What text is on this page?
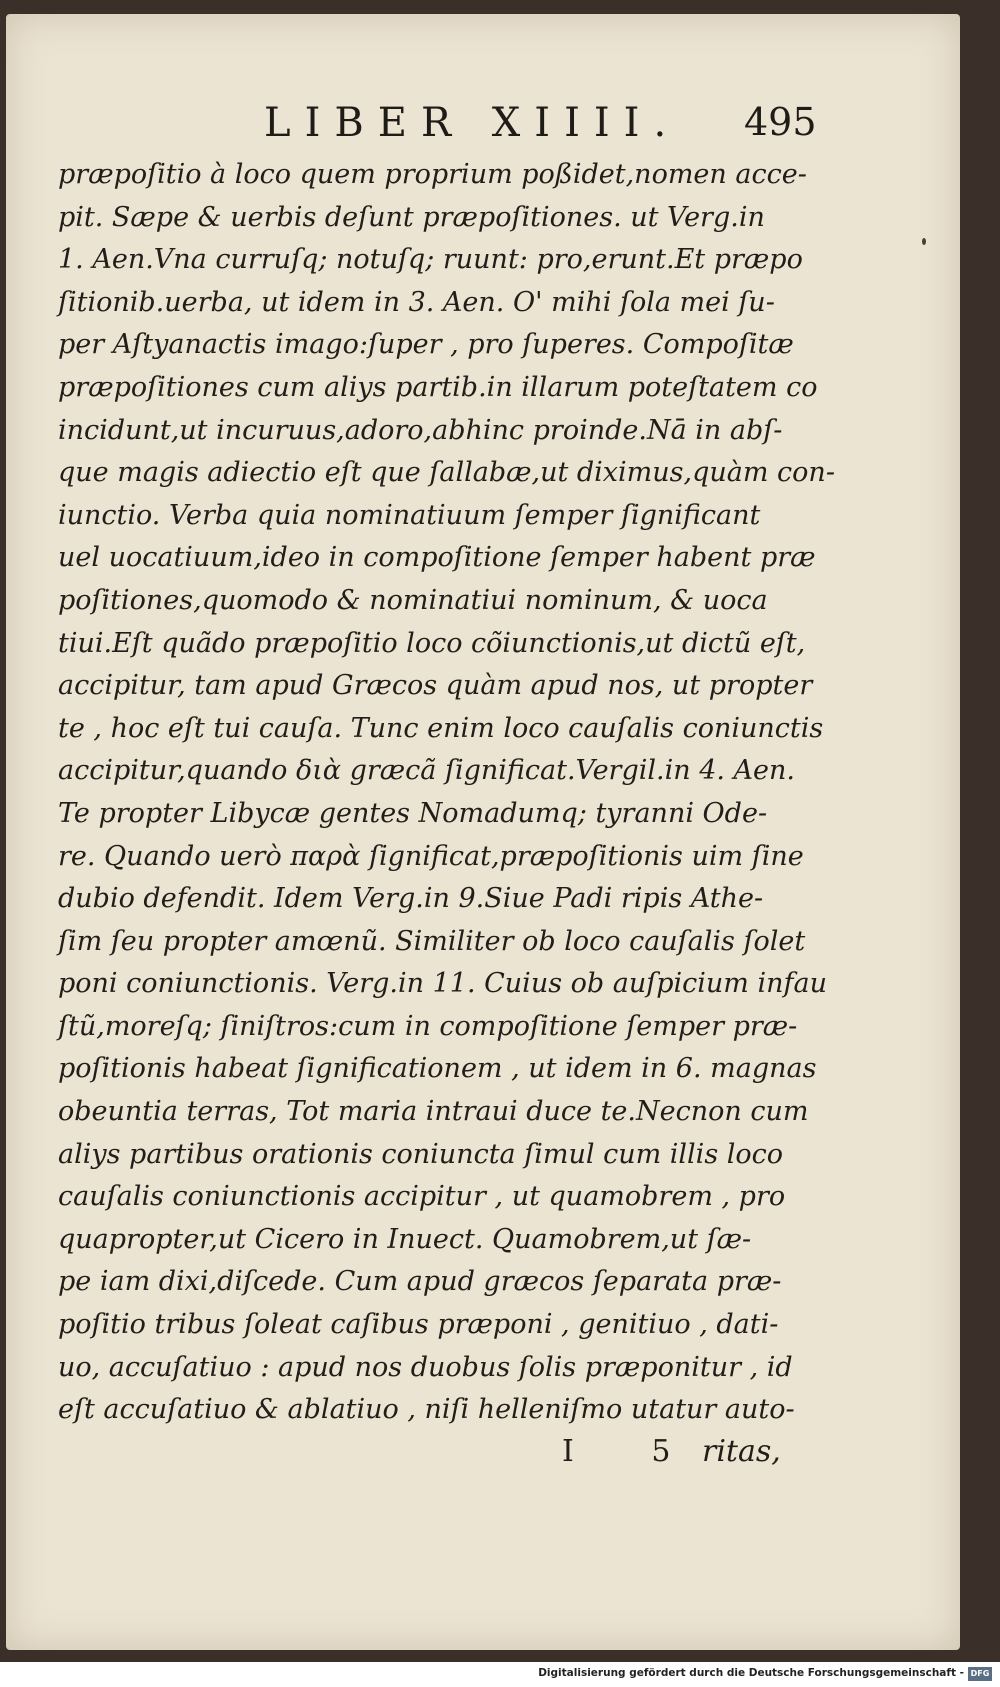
LIBER XIIII. 495
præpoſitio à loco quem proprium poßidet,nomen acce-
pit. Sæpe & uerbis deſunt præpoſitiones. ut Verg.in
1. Aen.Vna curruſq; notuſq; ruunt: pro,erunt.Et præpo
ſitionib.uerba, ut idem in 3. Aen. O' mihi ſola mei ſu-
per Aſtyanactis imago:ſuper , pro ſuperes. Compoſitæ
præpoſitiones cum aliys partib.in illarum poteſtatem co
incidunt,ut incuruus,adoro,abhinc proinde.Nā in abſ-
que magis adiectio eſt que ſallabæ,ut diximus,quàm con-
iunctio. Verba quia nominatiuum ſemper ſignificant
uel uocatiuum,ideo in compoſitione ſemper habent præ
poſitiones,quomodo & nominatiui nominum, & uoca
tiui.Eſt quãdo præpoſitio loco cõiunctionis,ut dictũ eſt,
accipitur, tam apud Græcos quàm apud nos, ut propter
te , hoc eſt tui cauſa. Tunc enim loco cauſalis coniunctis
accipitur,quando διὰ græcã ſignificat.Vergil.in 4. Aen.
Te propter Libycæ gentes Nomadumq; tyranni Ode-
re. Quando uerò παρὰ ſignificat,præpoſitionis uim ſine
dubio defendit. Idem Verg.in 9.Siue Padi ripis Athe-
ſim ſeu propter amœnũ. Similiter ob loco cauſalis ſolet
poni coniunctionis. Verg.in 11. Cuius ob auſpicium infau
ſtũ,moreſq; ſiniſtros:cum in compoſitione ſemper præ-
poſitionis habeat ſignificationem , ut idem in 6. magnas
obeuntia terras, Tot maria intraui duce te.Necnon cum
aliys partibus orationis coniuncta ſimul cum illis loco
cauſalis coniunctionis accipitur , ut quamobrem , pro
quapropter,ut Cicero in Inuect. Quamobrem,ut ſæ-
pe iam dixi,diſcede. Cum apud græcos ſeparata præ-
poſitio tribus ſoleat caſibus præponi , genitiuo , dati-
uo, accuſatiuo : apud nos duobus ſolis præponitur , id
eſt accuſatiuo & ablatiuo , niſi helleniſmo utatur auto-
I 5
ritas,
Digitalisierung gefördert durch die Deutsche Forschungsgemeinschaft - DFG
